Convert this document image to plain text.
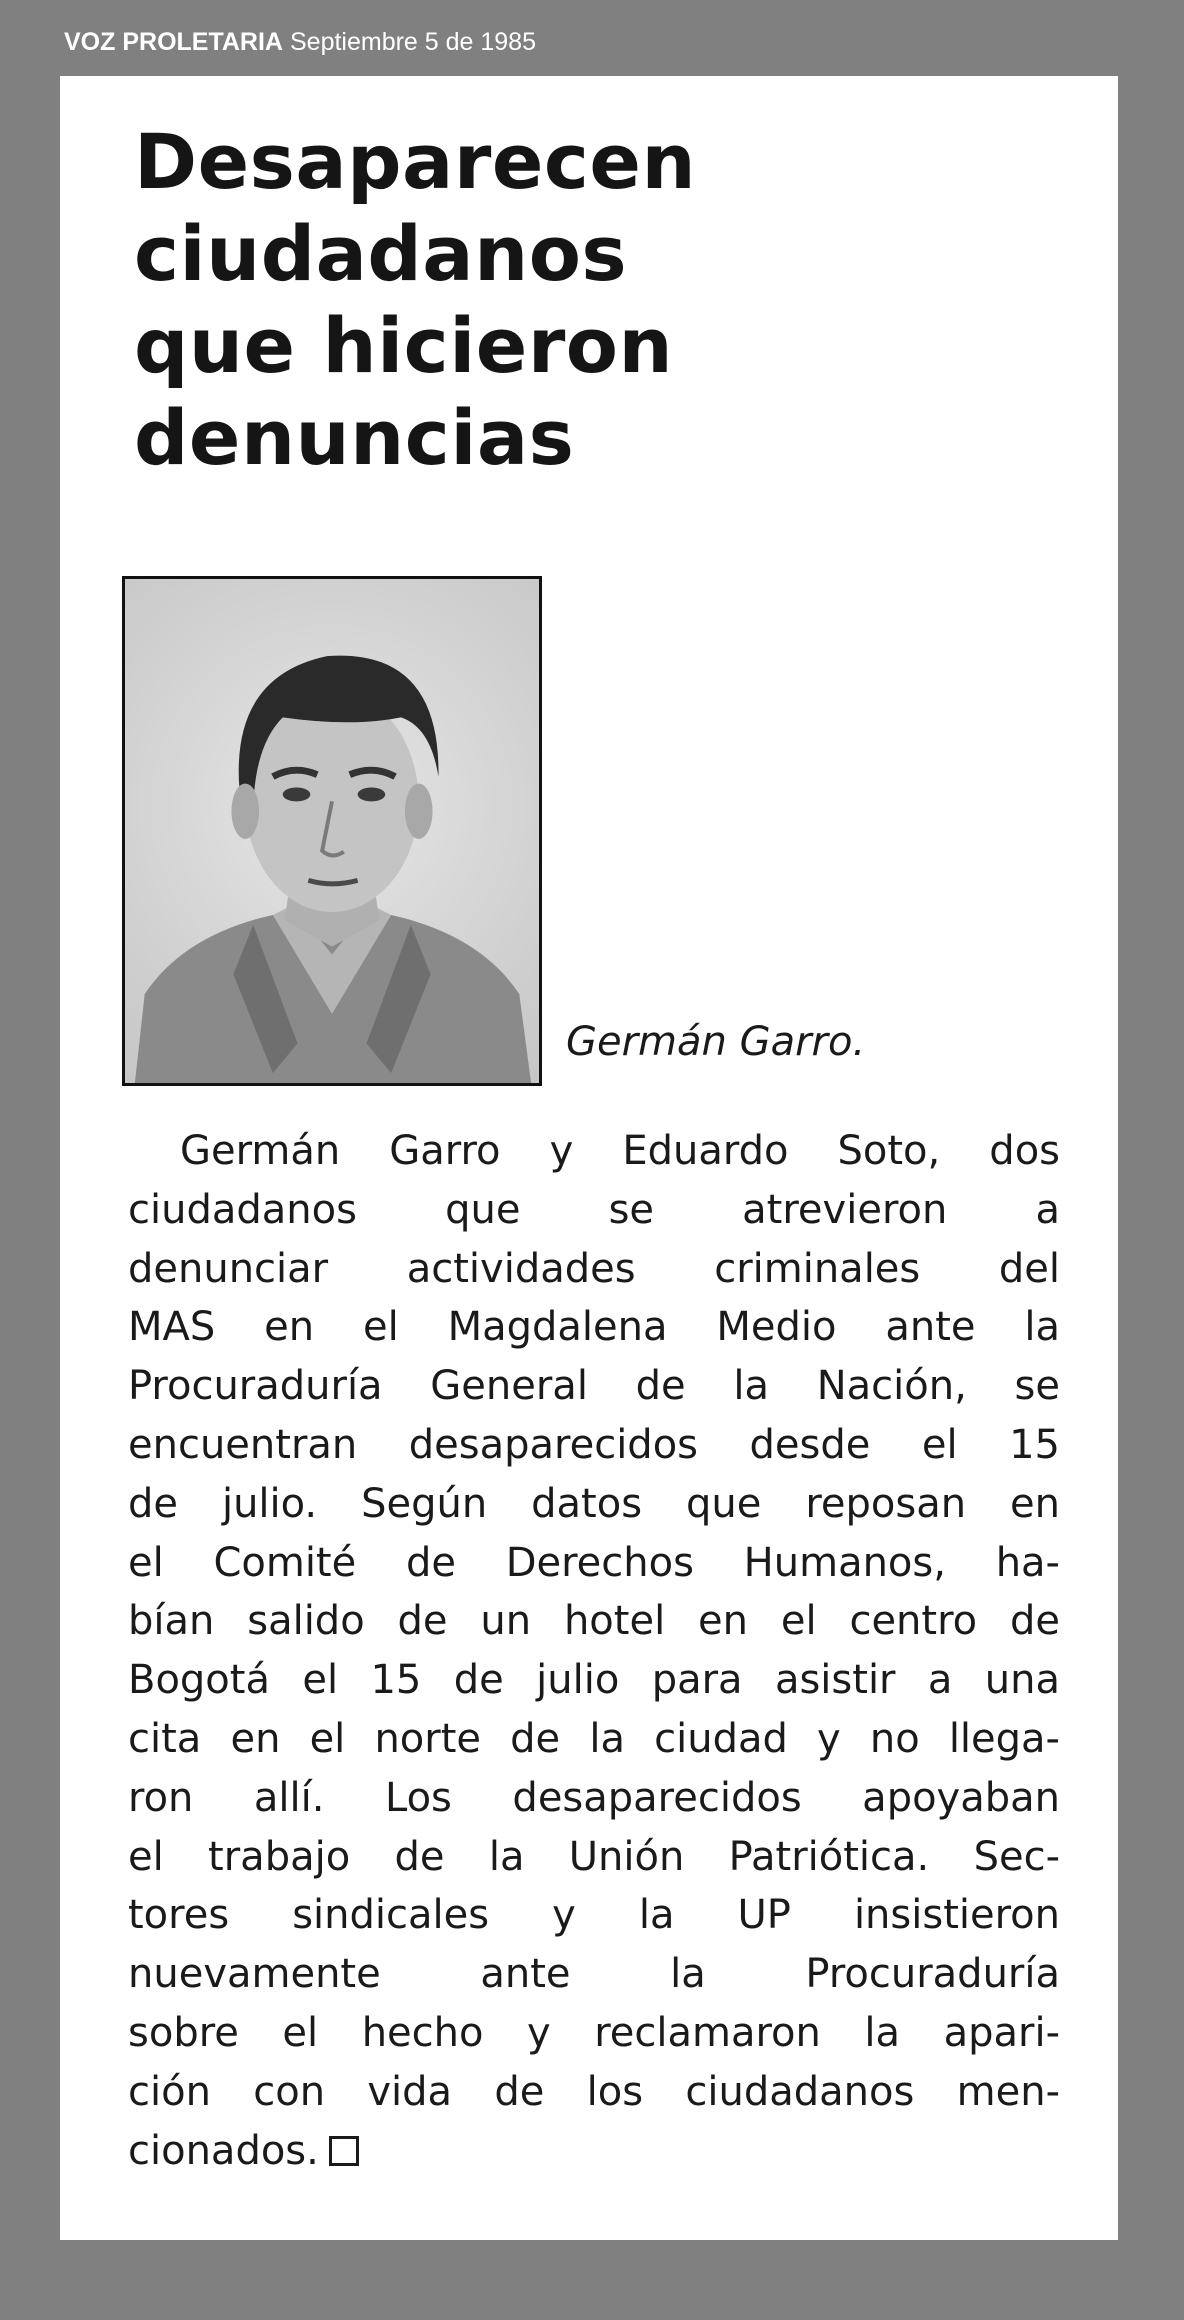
VOZ PROLETARIA Septiembre 5 de 1985
Desaparecen
ciudadanos
que hicieron
denuncias
Germán Garro.
Germán Garro y Eduardo Soto, dos
ciudadanos que se atrevieron a
denunciar actividades criminales del
MAS en el Magdalena Medio ante la
Procuraduría General de la Nación, se
encuentran desaparecidos desde el 15
de julio. Según datos que reposan en
el Comité de Derechos Humanos, ha-
bían salido de un hotel en el centro de
Bogotá el 15 de julio para asistir a una
cita en el norte de la ciudad y no llega-
ron allí. Los desaparecidos apoyaban
el trabajo de la Unión Patriótica. Sec-
tores sindicales y la UP insistieron
nuevamente ante la Procuraduría
sobre el hecho y reclamaron la apari-
ción con vida de los ciudadanos men-
cionados.
